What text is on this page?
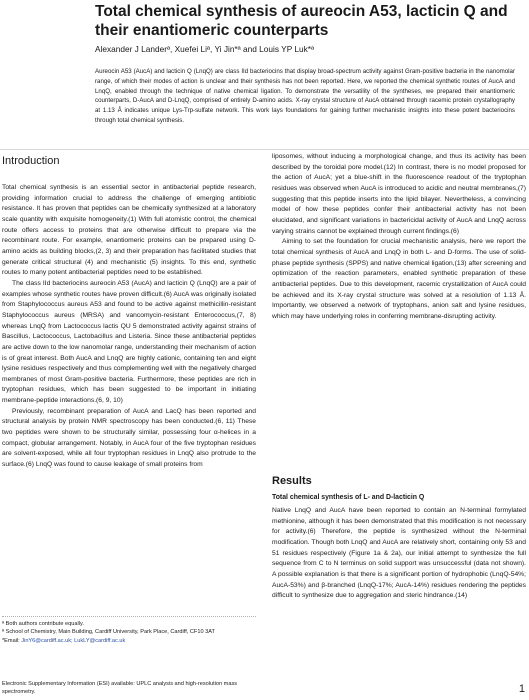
Total chemical synthesis of aureocin A53, lacticin Q and their enantiomeric counterparts

Alexander J Landerª, Xuefei Liª, Yi Jin*ª and Louis YP Luk*ª

Aureocin A53 (AucA) and lacticin Q (LnqQ) are class IId bacteriocins that display broad-spectrum activity against Gram-positive bacteria in the nanomolar range, of which their modes of action is unclear and their synthesis has not been reported. Here, we reported the chemical synthetic routes of AucA and LnqQ, enabled through the technique of native chemical ligation. To demonstrate the versatility of the syntheses, we prepared their enantiomeric counterparts, D-AucA and D-LnqQ, comprised of entirely D-amino acids. X-ray crystal structure of AucA obtained through racemic protein crystallography at 1.13 Å indicates unique Lys-Trp-sulfate network. This work lays foundations for gaining further mechanistic insights into these potent bacteriocins through total chemical synthesis.

Introduction

Total chemical synthesis is an essential sector in antibacterial peptide research, providing information crucial to address the challenge of emerging antibiotic resistance. It has proven that peptides can be chemically synthesized at a laboratory scale quantity with exquisite homogeneity.(1) With full atomistic control, the chemical route offers access to proteins that are otherwise difficult to prepare via the recombinant route. For example, enantiomeric proteins can be prepared using D-amino acids as building blocks,(2, 3) and their preparation has facilitated studies that generate critical structural (4) and mechanistic (5) insights. To this end, synthetic routes to many potent antibacterial peptides need to be established.

The class IId bacteriocins aureocin A53 (AucA) and lacticin Q (LnqQ) are a pair of examples whose synthetic routes have proven difficult.(6) AucA was originally isolated from Staphylococcus aureus A53 and found to be active against methicillin-resistant Staphylococcus aureus (MRSA) and vancomycin-resistant Enterococcus,(7, 8) whereas LnqQ from Lactococcus lactis QU 5 demonstrated activity against strains of Bascillus, Lactococcus, Lactobacillus and Listeria. Since these antibacterial peptides are active down to the low nanomolar range, understanding their mechanism of action is of great interest. Both AucA and LnqQ are highly cationic, containing ten and eight lysine residues respectively and thus complementing well with the negatively charged membranes of most Gram-positive bacteria. Furthermore, these peptides are rich in tryptophan residues, which has been suggested to be important in initiating membrane-peptide interactions.(6, 9, 10)

Previously, recombinant preparation of AucA and LacQ has been reported and structural analysis by protein NMR spectroscopy has been conducted.(6, 11) These two peptides were shown to be structurally similar, possessing four α-helices in a compact, globular arrangement. Notably, in AucA four of the five tryptophan residues are solvent-exposed, while all four tryptophan residues in LnqQ also protrude to the surface.(6) LnqQ was found to cause leakage of small proteins from

liposomes, without inducing a morphological change, and thus its activity has been described by the toroidal pore model.(12) In contrast, there is no model proposed for the action of AucA; yet a blue-shift in the fluorescence readout of the tryptophan residues was observed when AucA is introduced to acidic and neutral membranes,(7) suggesting that this peptide inserts into the lipid bilayer. Nevertheless, a convincing model of how these peptides confer their antibacterial activity has not been elucidated, and significant variations in bactericidal activity of AucA and LnqQ across varying strains cannot be explained through current findings.(6)

Aiming to set the foundation for crucial mechanistic analysis, here we report the total chemical synthesis of AucA and LnqQ in both L- and D-forms. The use of solid-phase peptide synthesis (SPPS) and native chemical ligation,(13) after screening and optimization of the reaction parameters, enabled synthetic preparation of these antibacterial peptides. Due to this development, racemic crystallization of AucA could be achieved and its X-ray crystal structure was solved at a resolution of 1.13 Å. Importantly, we observed a network of tryptophans, anion salt and lysine residues, which may have underlying roles in conferring membrane-disrupting activity.

Results
Total chemical synthesis of L- and D-lacticin Q

Native LnqQ and AucA have been reported to contain an N-terminal formylated methionine, although it has been demonstrated that this modification is not necessary for activity.(6) Therefore, the peptide is synthesized without the N-terminal modification. Though both LnqQ and AucA are relatively short, containing only 53 and 51 residues respectively (Figure 1a & 2a), our initial attempt to synthesize the full sequence from C to N terminus on solid support was unsuccessful (data not shown). A possible explanation is that there is a significant portion of hydrophobic (LnqQ-54%; AucA-53%) and β-branched (LnqQ-17%; AucA-14%) residues rendering the peptides difficult to synthesize due to aggregation and steric hindrance.(14)

ª Both authors contribute equally.

ª School of Chemistry, Main Building, Cardiff University, Park Place, Cardiff, CF10 3AT

*Email: JinY6@cardiff.ac.uk; LukLY@cardiff.ac.uk

Electronic Supplementary Information (ESI) available: UPLC analysis and high-resolution mass spectrometry.	1
